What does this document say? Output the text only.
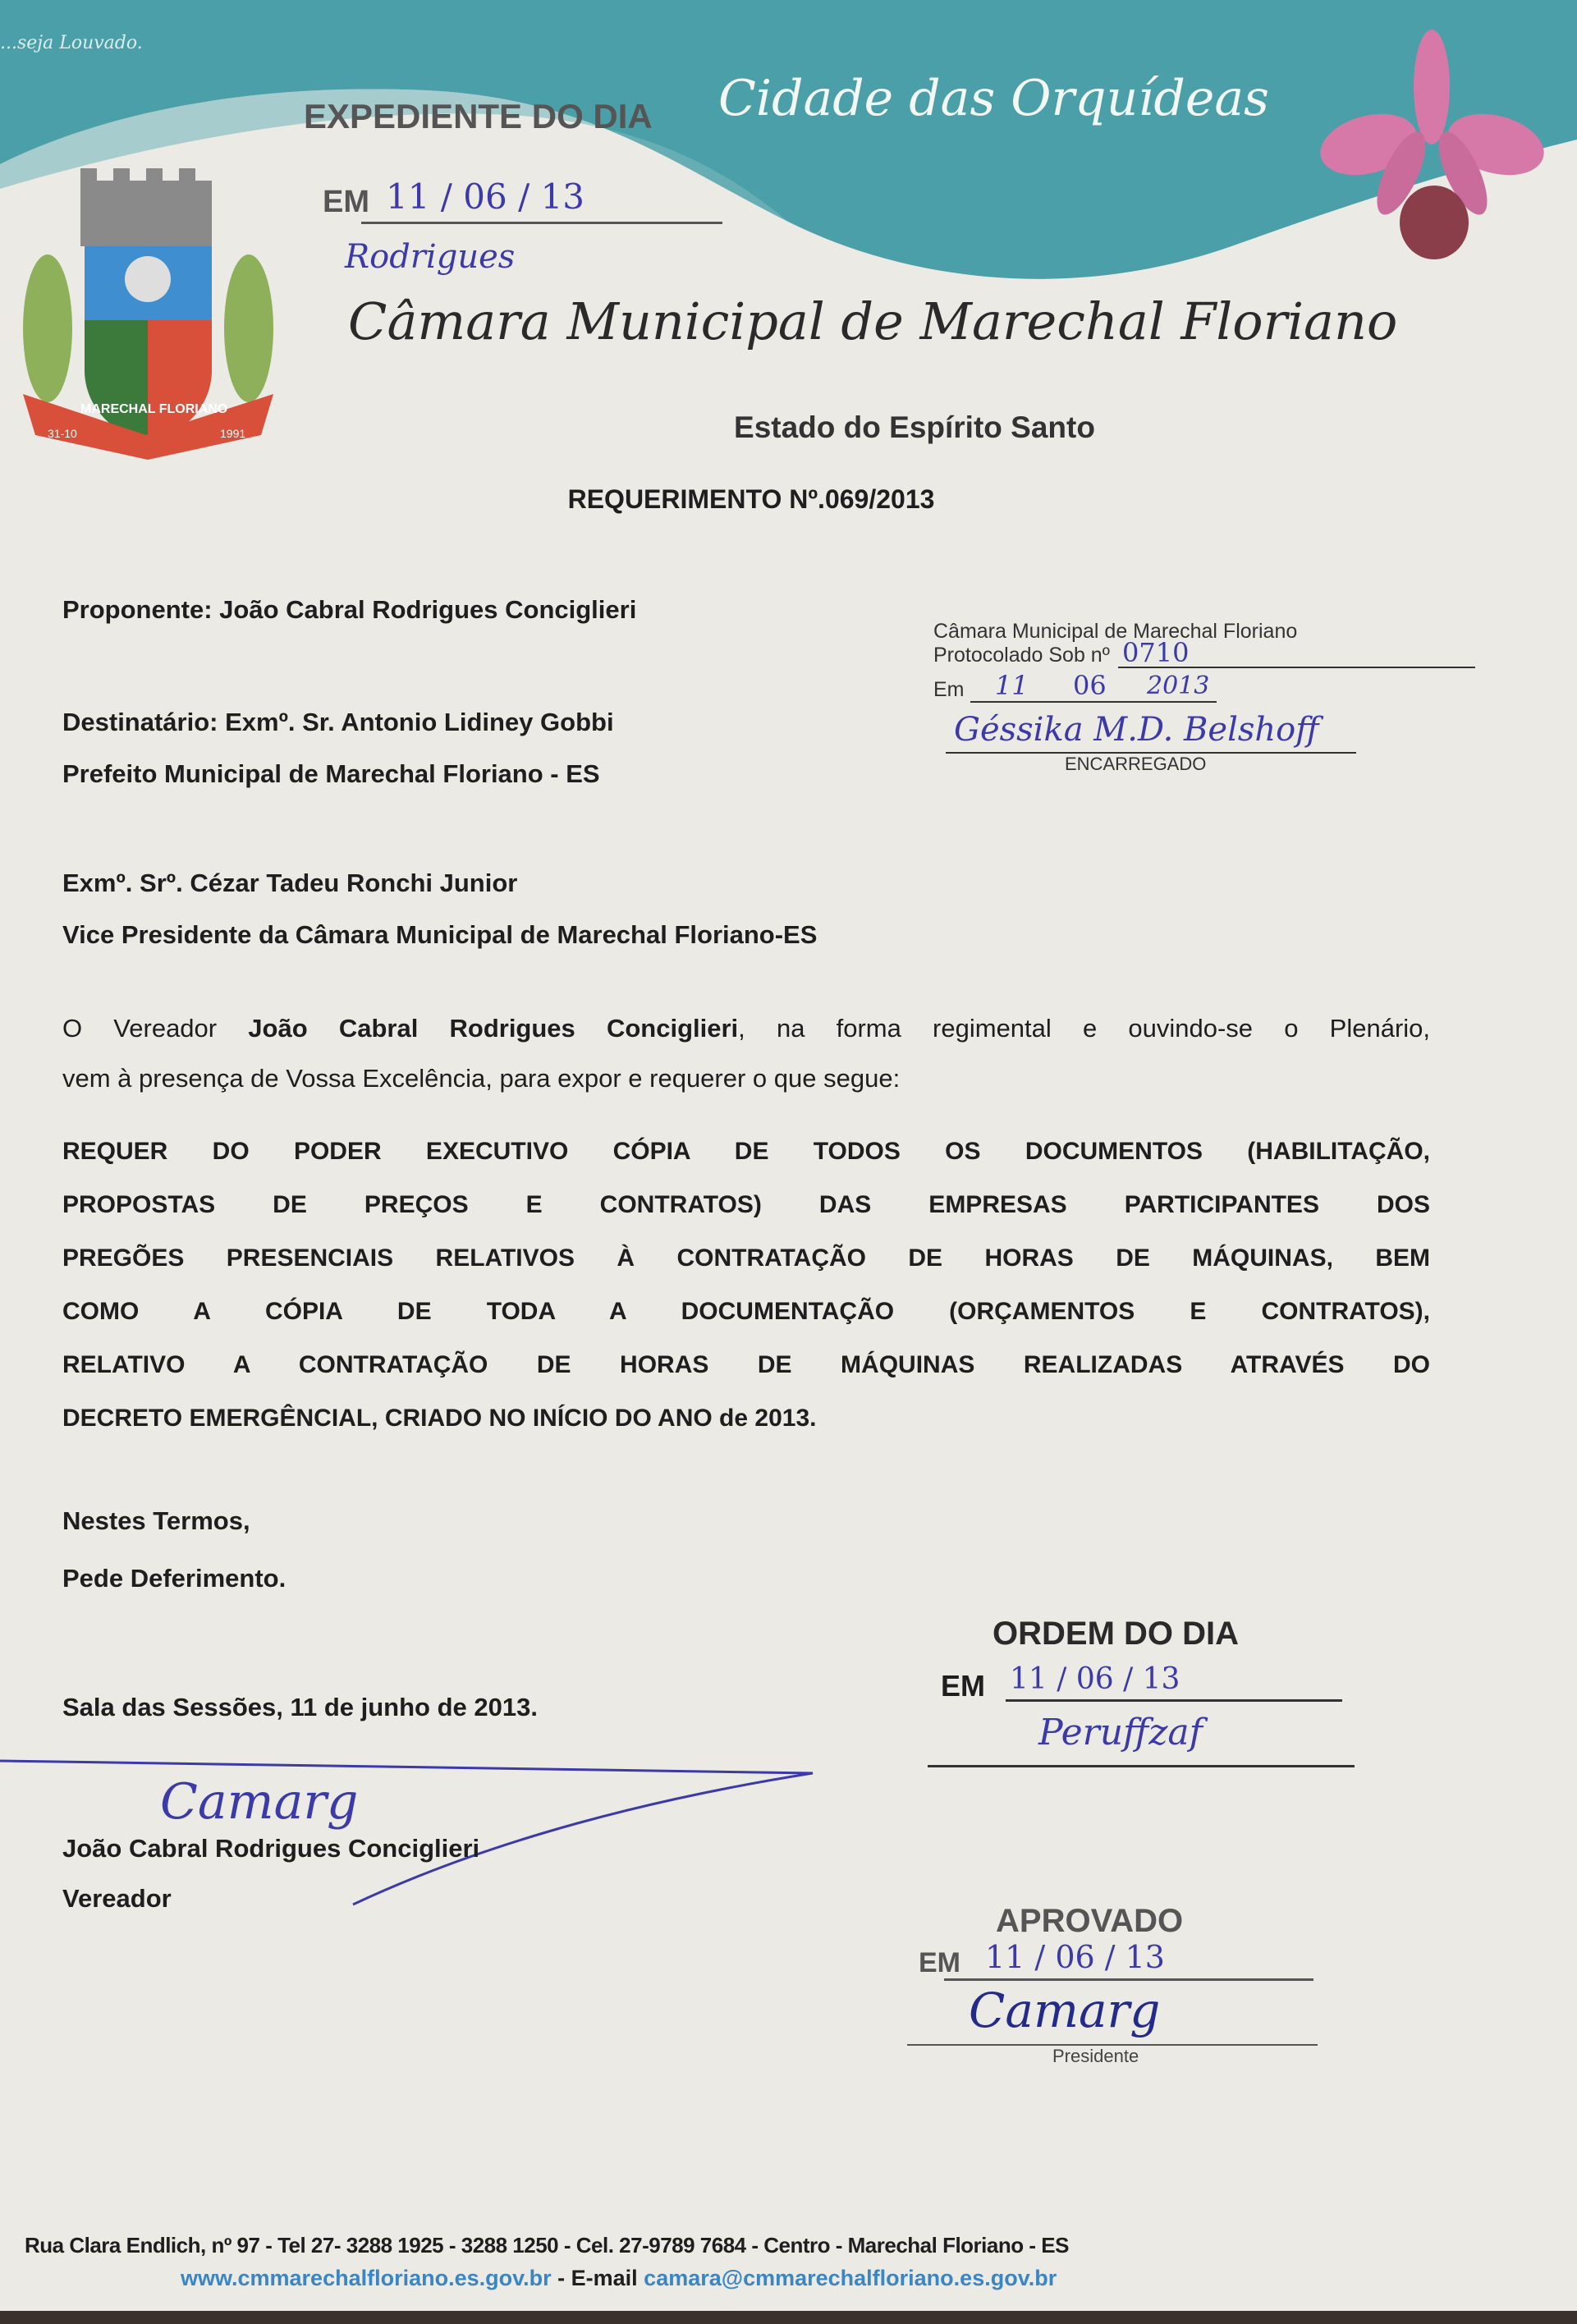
...seja Louvado.
Cidade das Orquídeas
MARECHAL FLORIANO
31-10	1991
EXPEDIENTE DO DIA
EM 11 / 06 / 13
Rodrigues
Câmara Municipal de Marechal Floriano
Estado do Espírito Santo
REQUERIMENTO Nº.069/2013
Proponente: João Cabral Rodrigues Conciglieri
Câmara Municipal de Marechal Floriano
Protocolado Sob nº 0710
Em 11 06 2013
Géssika M.D. Belshoff
ENCARREGADO
Destinatário: Exmº. Sr. Antonio Lidiney Gobbi
Prefeito Municipal de Marechal Floriano - ES
Exmº. Srº. Cézar Tadeu Ronchi Junior
Vice Presidente da Câmara Municipal de Marechal Floriano-ES
O Vereador João Cabral Rodrigues Conciglieri, na forma regimental e ouvindo-se o Plenário,
vem à presença de Vossa Excelência, para expor e requerer o que segue:
REQUER DO PODER EXECUTIVO CÓPIA DE TODOS OS DOCUMENTOS (HABILITAÇÃO,
PROPOSTAS DE PREÇOS E CONTRATOS) DAS EMPRESAS PARTICIPANTES DOS
PREGÕES PRESENCIAIS RELATIVOS À CONTRATAÇÃO DE HORAS DE MÁQUINAS, BEM
COMO A CÓPIA DE TODA A DOCUMENTAÇÃO (ORÇAMENTOS E CONTRATOS),
RELATIVO A CONTRATAÇÃO DE HORAS DE MÁQUINAS REALIZADAS ATRAVÉS DO
DECRETO EMERGÊNCIAL, CRIADO NO INÍCIO DO ANO de 2013.
Nestes Termos,
Pede Deferimento.
Sala das Sessões, 11 de junho de 2013.
Camarg
João Cabral Rodrigues Conciglieri
Vereador
ORDEM DO DIA
EM 11 / 06 / 13
Peruffzaf
APROVADO
EM 11 / 06 / 13
Camarg
Presidente
Rua Clara Endlich, nº 97 - Tel 27- 3288 1925 - 3288 1250 - Cel. 27-9789 7684 - Centro - Marechal Floriano - ES
www.cmmarechalfloriano.es.gov.br - E-mail camara@cmmarechalfloriano.es.gov.br
